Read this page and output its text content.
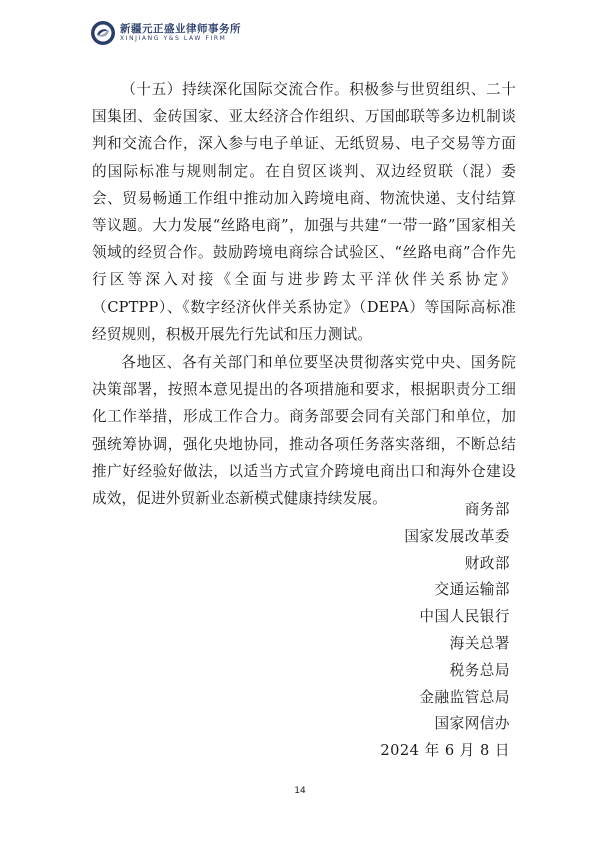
新疆元正盛业律师事务所
XINJIANG Y&S LAW FIRM

（十五）持续深化国际交流合作。积极参与世贸组织、二十国集团、金砖国家、亚太经济合作组织、万国邮联等多边机制谈判和交流合作，深入参与电子单证、无纸贸易、电子交易等方面的国际标准与规则制定。在自贸区谈判、双边经贸联（混）委会、贸易畅通工作组中推动加入跨境电商、物流快递、支付结算等议题。大力发展“丝路电商”，加强与共建“一带一路”国家相关领域的经贸合作。鼓励跨境电商综合试验区、“丝路电商”合作先行区等深入对接《全面与进步跨太平洋伙伴关系协定》（CPTPP）、《数字经济伙伴关系协定》（DEPA）等国际高标准经贸规则，积极开展先行先试和压力测试。

各地区、各有关部门和单位要坚决贯彻落实党中央、国务院决策部署，按照本意见提出的各项措施和要求，根据职责分工细化工作举措，形成工作合力。商务部要会同有关部门和单位，加强统筹协调，强化央地协同，推动各项任务落实落细，不断总结推广好经验好做法，以适当方式宣介跨境电商出口和海外仓建设成效，促进外贸新业态新模式健康持续发展。

商务部
国家发展改革委
财政部
交通运输部
中国人民银行
海关总署
税务总局
金融监管总局
国家网信办
2024 年 6 月 8 日
14
